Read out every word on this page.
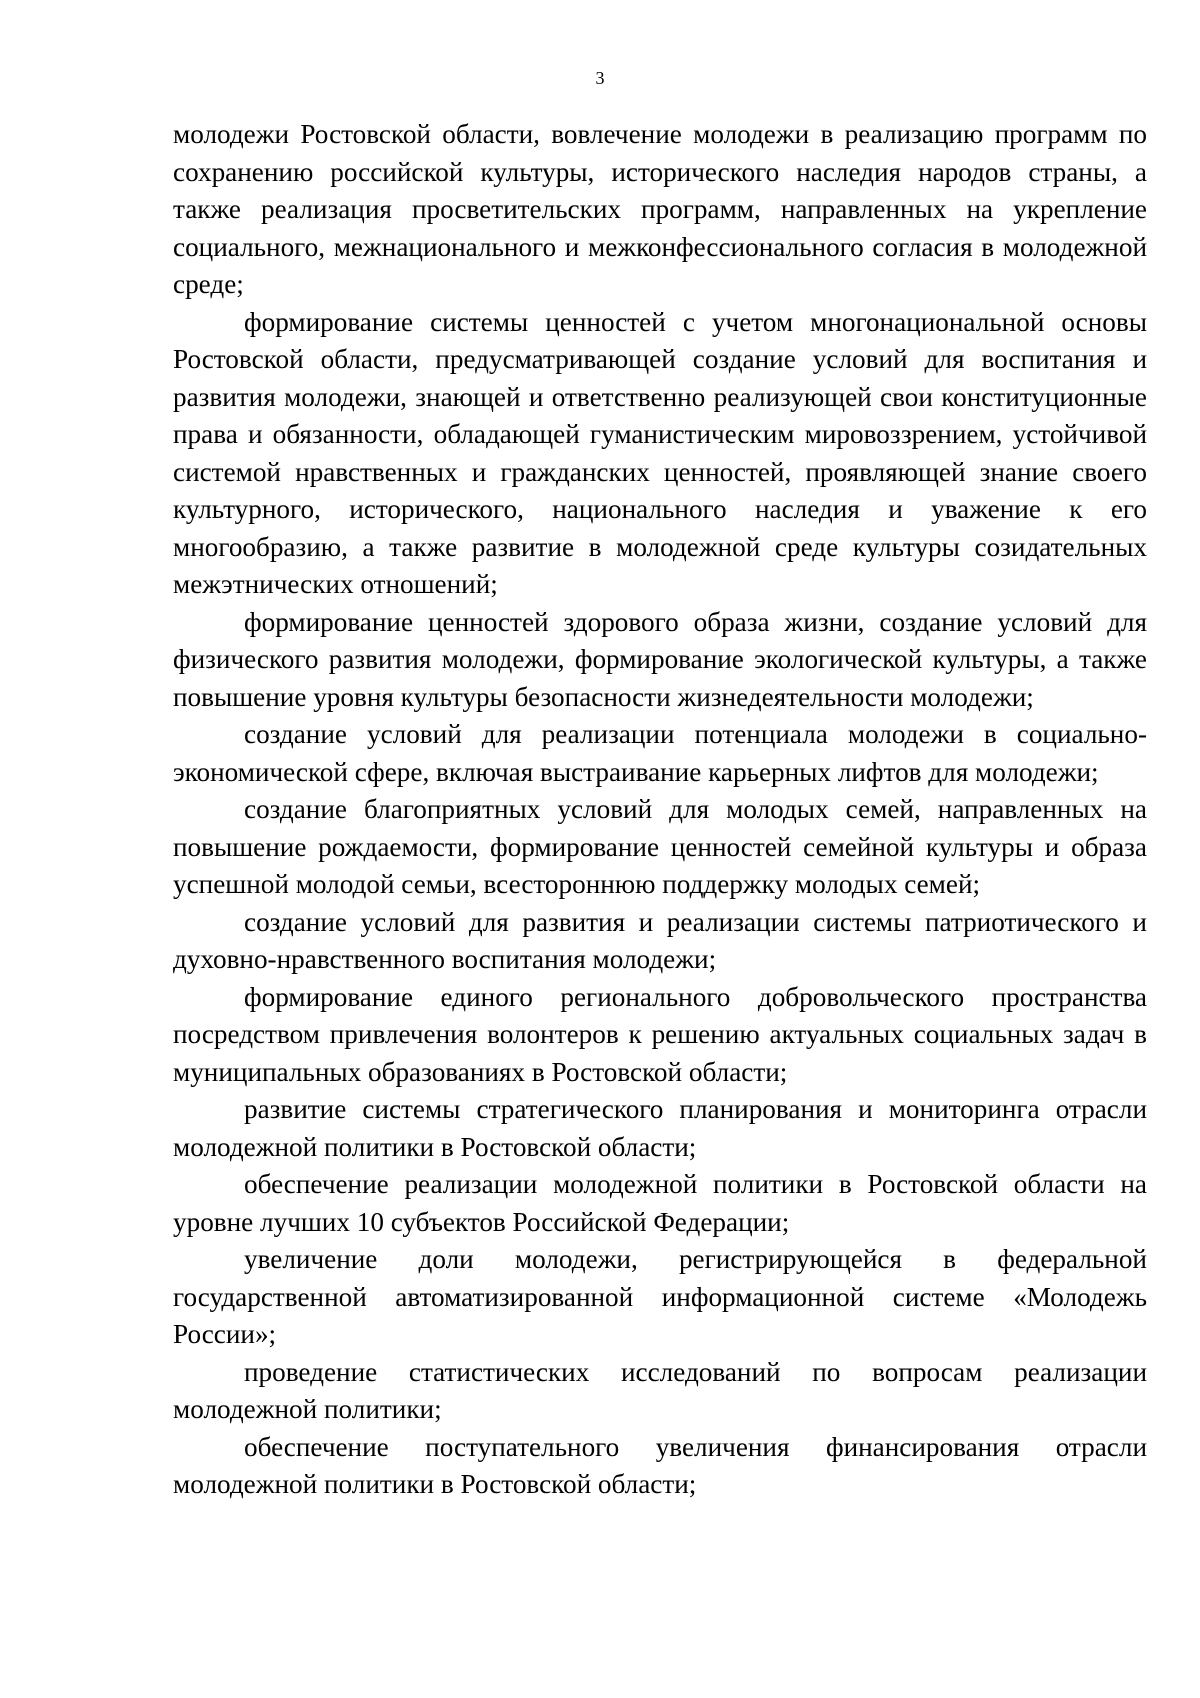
3

молодежи Ростовской области, вовлечение молодежи в реализацию программ по сохранению российской культуры, исторического наследия народов страны, а также реализация просветительских программ, направленных на укрепление социального, межнационального и межконфессионального согласия в молодежной среде;

формирование системы ценностей с учетом многонациональной основы Ростовской области, предусматривающей создание условий для воспитания и развития молодежи, знающей и ответственно реализующей свои конституционные права и обязанности, обладающей гуманистическим мировоззрением, устойчивой системой нравственных и гражданских ценностей, проявляющей знание своего культурного, исторического, национального наследия и уважение к его многообразию, а также развитие в молодежной среде культуры созидательных межэтнических отношений;

формирование ценностей здорового образа жизни, создание условий для физического развития молодежи, формирование экологической культуры, а также повышение уровня культуры безопасности жизнедеятельности молодежи;

создание условий для реализации потенциала молодежи в социально-экономической сфере, включая выстраивание карьерных лифтов для молодежи;

создание благоприятных условий для молодых семей, направленных на повышение рождаемости, формирование ценностей семейной культуры и образа успешной молодой семьи, всестороннюю поддержку молодых семей;

создание условий для развития и реализации системы патриотического и духовно-нравственного воспитания молодежи;

формирование единого регионального добровольческого пространства посредством привлечения волонтеров к решению актуальных социальных задач в муниципальных образованиях в Ростовской области;

развитие системы стратегического планирования и мониторинга отрасли молодежной политики в Ростовской области;

обеспечение реализации молодежной политики в Ростовской области на уровне лучших 10 субъектов Российской Федерации;

увеличение доли молодежи, регистрирующейся в федеральной государственной автоматизированной информационной системе «Молодежь России»;

проведение статистических исследований по вопросам реализации молодежной политики;

обеспечение поступательного увеличения финансирования отрасли молодежной политики в Ростовской области;
